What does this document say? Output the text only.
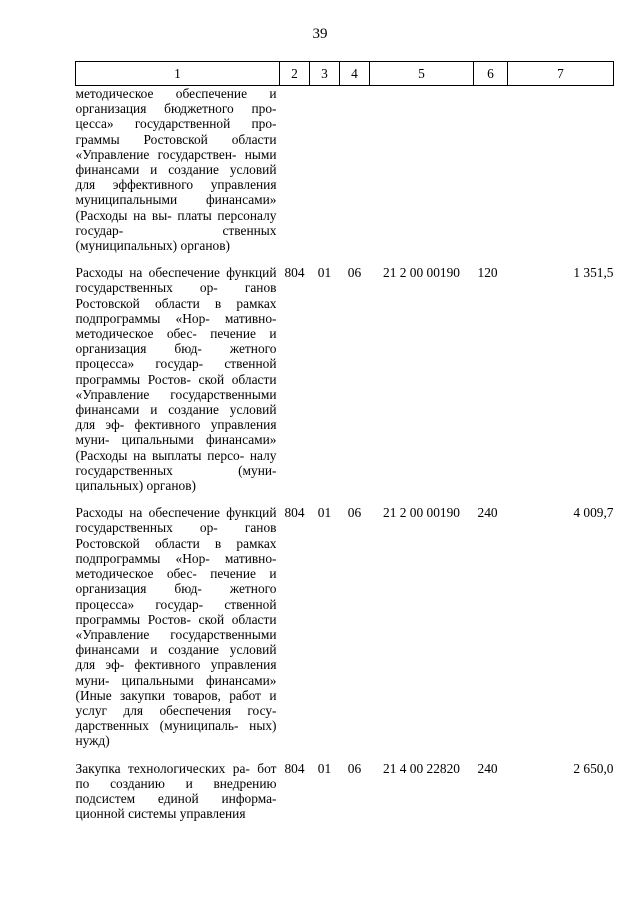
39
1	2	3	4	5	6	7
методическое обеспечение и организация бюджетного про- цесса» государственной про- граммы Ростовской области «Управление государствен- ными финансами и создание условий для эффективного управления муниципальными финансами» (Расходы на вы- платы персоналу государ- ственных (муниципальных) органов)						

Расходы на обеспечение функций государственных ор- ганов Ростовской области в рамках подпрограммы «Нор- мативно-методическое обес- печение и организация бюд- жетного процесса» государ- ственной программы Ростов- ской области «Управление государственными финансами и создание условий для эф- фективного управления муни- ципальными финансами» (Расходы на выплаты персо- налу государственных (муни- ципальных) органов)	804	01	06	21 2 00 00190	120	1 351,5

Расходы на обеспечение функций государственных ор- ганов Ростовской области в рамках подпрограммы «Нор- мативно-методическое обес- печение и организация бюд- жетного процесса» государ- ственной программы Ростов- ской области «Управление государственными финансами и создание условий для эф- фективного управления муни- ципальными финансами» (Иные закупки товаров, работ и услуг для обеспечения госу- дарственных (муниципаль- ных) нужд)	804	01	06	21 2 00 00190	240	4 009,7

Закупка технологических ра- бот по созданию и внедрению подсистем единой информа- ционной системы управления	804	01	06	21 4 00 22820	240	2 650,0
